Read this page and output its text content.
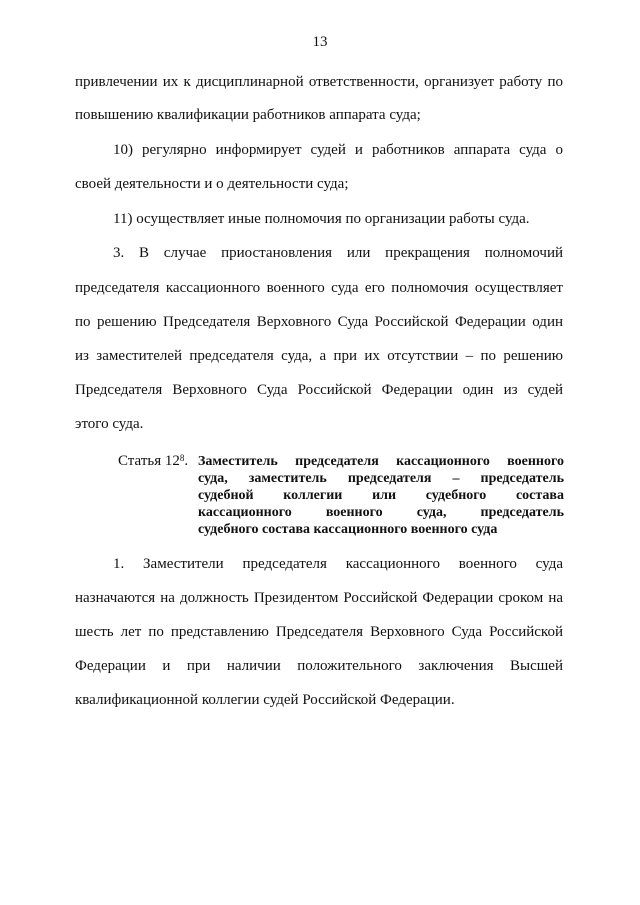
13
привлечении их к дисциплинарной ответственности, организует работу по
повышению квалификации работников аппарата суда;
10) регулярно информирует судей и работников аппарата суда о
своей деятельности и о деятельности суда;
11) осуществляет иные полномочия по организации работы суда.
3. В случае приостановления или прекращения полномочий
председателя кассационного военного суда его полномочия осуществляет
по решению Председателя Верховного Суда Российской Федерации один
из заместителей председателя суда, а при их отсутствии – по решению
Председателя Верховного Суда Российской Федерации один из судей
этого суда.
Статья $12^8$. Заместитель председателя кассационного военного
суда, заместитель председателя – председатель
судебной коллегии или судебного состава
кассационного военного суда, председатель
судебного состава кассационного военного суда
1. Заместители председателя кассационного военного суда
назначаются на должность Президентом Российской Федерации сроком на
шесть лет по представлению Председателя Верховного Суда Российской
Федерации и при наличии положительного заключения Высшей
квалификационной коллегии судей Российской Федерации.
